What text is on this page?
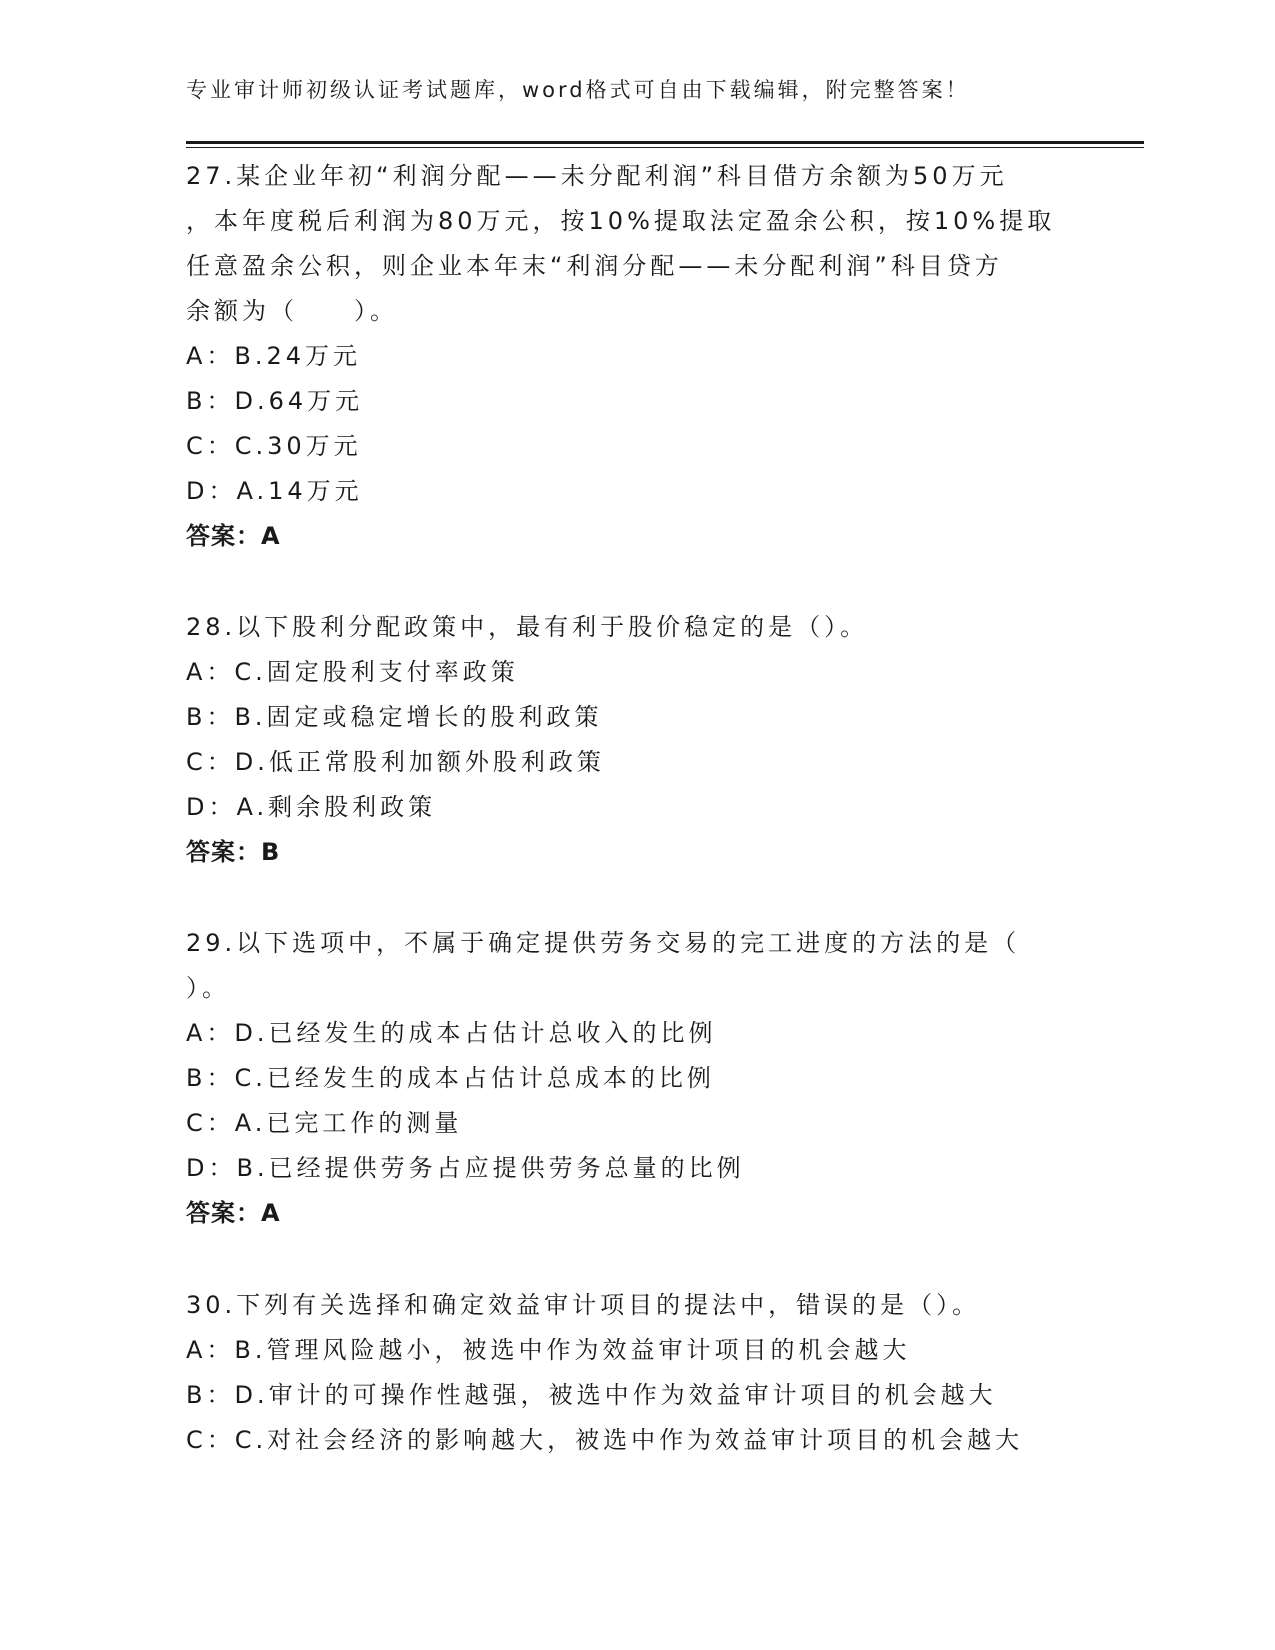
专业审计师初级认证考试题库，word格式可自由下载编辑，附完整答案！

27.某企业年初“利润分配——未分配利润”科目借方余额为50万元
，本年度税后利润为80万元，按10%提取法定盈余公积，按10%提取
任意盈余公积，则企业本年末“利润分配——未分配利润”科目贷方
余额为（　　）。

A：B.24万元
B：D.64万元
C：C.30万元
D：A.14万元
答案：A

28.以下股利分配政策中，最有利于股价稳定的是（）。

A：C.固定股利支付率政策
B：B.固定或稳定增长的股利政策
C：D.低正常股利加额外股利政策
D：A.剩余股利政策
答案：B

29.以下选项中，不属于确定提供劳务交易的完工进度的方法的是（
）。

A：D.已经发生的成本占估计总收入的比例
B：C.已经发生的成本占估计总成本的比例
C：A.已完工作的测量
D：B.已经提供劳务占应提供劳务总量的比例
答案：A

30.下列有关选择和确定效益审计项目的提法中，错误的是（）。

A：B.管理风险越小，被选中作为效益审计项目的机会越大
B：D.审计的可操作性越强，被选中作为效益审计项目的机会越大
C：C.对社会经济的影响越大，被选中作为效益审计项目的机会越大
